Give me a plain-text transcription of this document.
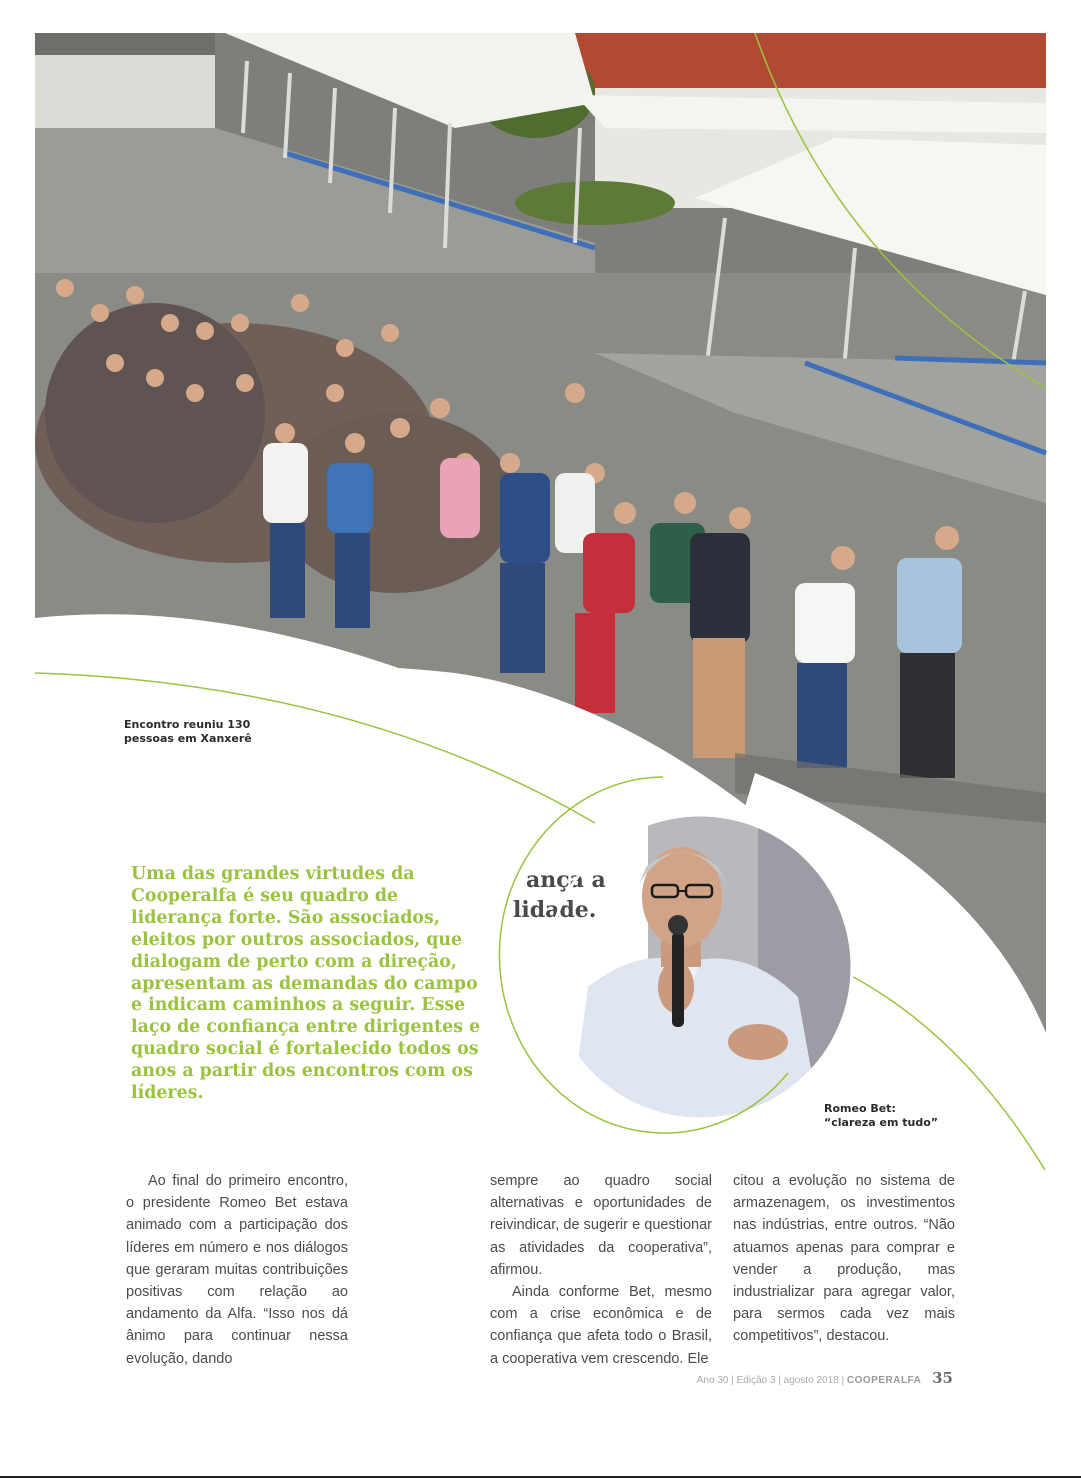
Encontro reuniu 130
pessoas em Xanxerê
ança a
lidade.
Romeo Bet:
“clareza em tudo”

Uma das grandes virtudes da Cooperalfa é seu quadro de liderança forte. São associados, eleitos por outros associados, que dialogam de perto com a direção, apresentam as demandas do campo e indicam caminhos a seguir. Esse laço de confiança entre dirigentes e quadro social é fortalecido todos os anos a partir dos encontros com os líderes.

Ao final do primeiro encontro, o presidente Romeo Bet estava animado com a participação dos líderes em número e nos diálogos que geraram muitas contribuições positivas com relação ao andamento da Alfa. “Isso nos dá ânimo para continuar nessa evolução, dando

sempre ao quadro social alternativas e oportunidades de reivindicar, de sugerir e questionar as atividades da cooperativa”, afirmou.

Ainda conforme Bet, mesmo com a crise econômica e de confiança que afeta todo o Brasil, a cooperativa vem crescendo. Ele

citou a evolução no sistema de armazenagem, os investimentos nas indústrias, entre outros. “Não atuamos apenas para comprar e vender a produção, mas industrializar para agregar valor, para sermos cada vez mais competitivos”, destacou.

Ano 30 | Edição 3 | agosto 2018 | COOPERALFA 35
